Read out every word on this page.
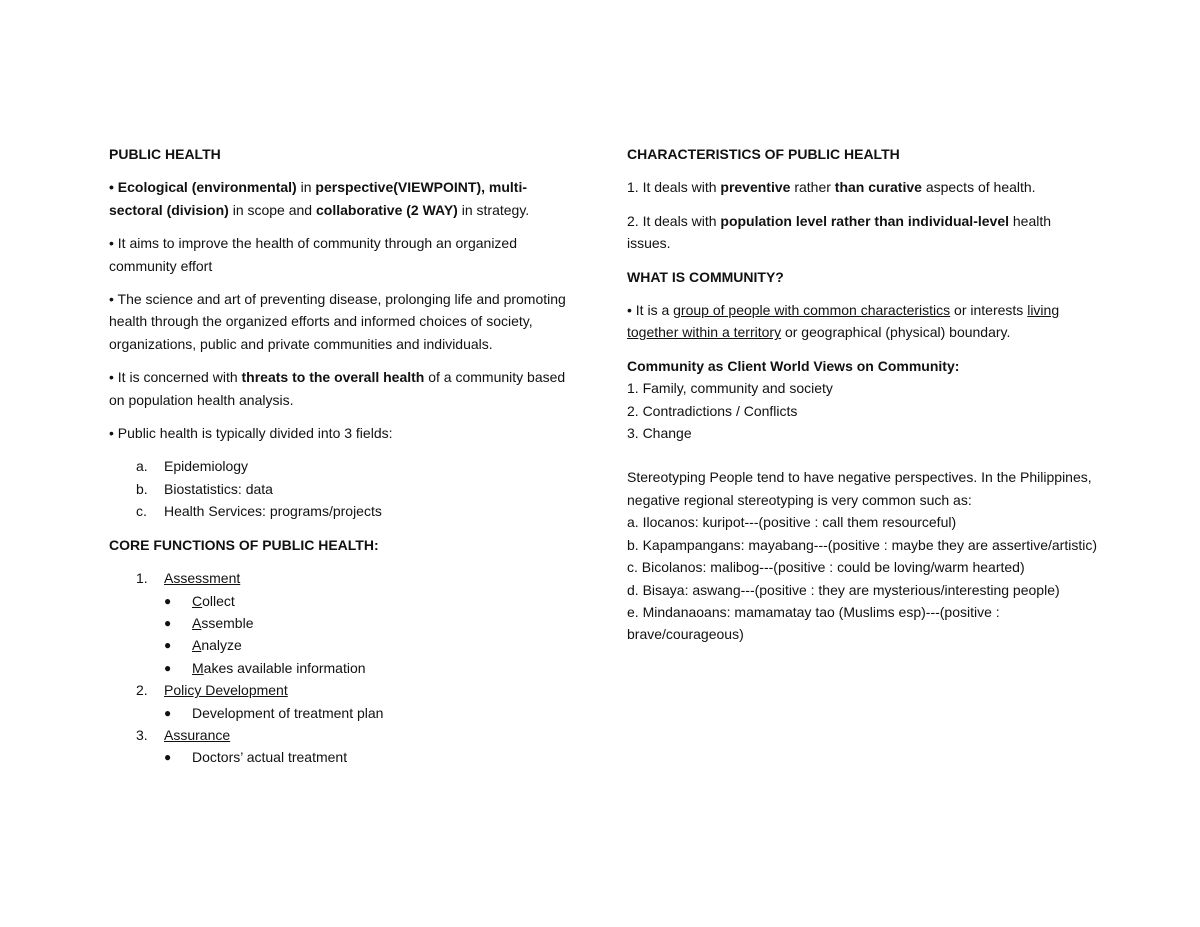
PUBLIC HEALTH

• Ecological (environmental) in perspective(VIEWPOINT), multi-sectoral (division) in scope and collaborative (2 WAY) in strategy.

• It aims to improve the health of community through an organized community effort

• The science and art of preventing disease, prolonging life and promoting health through the organized efforts and informed choices of society, organizations, public and private communities and individuals.

• It is concerned with threats to the overall health of a community based on population health analysis.

• Public health is typically divided into 3 fields:

a. Epidemiology
b. Biostatistics: data
c. Health Services: programs/projects

CORE FUNCTIONS OF PUBLIC HEALTH:

1. Assessment
● Collect
● Assemble
● Analyze
● Makes available information
2. Policy Development
● Development of treatment plan
3. Assurance
● Doctors’ actual treatment

CHARACTERISTICS OF PUBLIC HEALTH

1. It deals with preventive rather than curative aspects of health.

2. It deals with population level rather than individual-level health issues.

WHAT IS COMMUNITY?

• It is a group of people with common characteristics or interests living together within a territory or geographical (physical) boundary.

Community as Client World Views on Community:

1. Family, community and society

2. Contradictions / Conflicts

3. Change

Stereotyping People tend to have negative perspectives. In the Philippines, negative regional stereotyping is very common such as:

a. Ilocanos: kuripot---(positive : call them resourceful)

b. Kapampangans: mayabang---(positive : maybe they are assertive/artistic)

c. Bicolanos: malibog---(positive : could be loving/warm hearted)

d. Bisaya: aswang---(positive : they are mysterious/interesting people)

e. Mindanaoans: mamamatay tao (Muslims esp)---(positive : brave/courageous)
